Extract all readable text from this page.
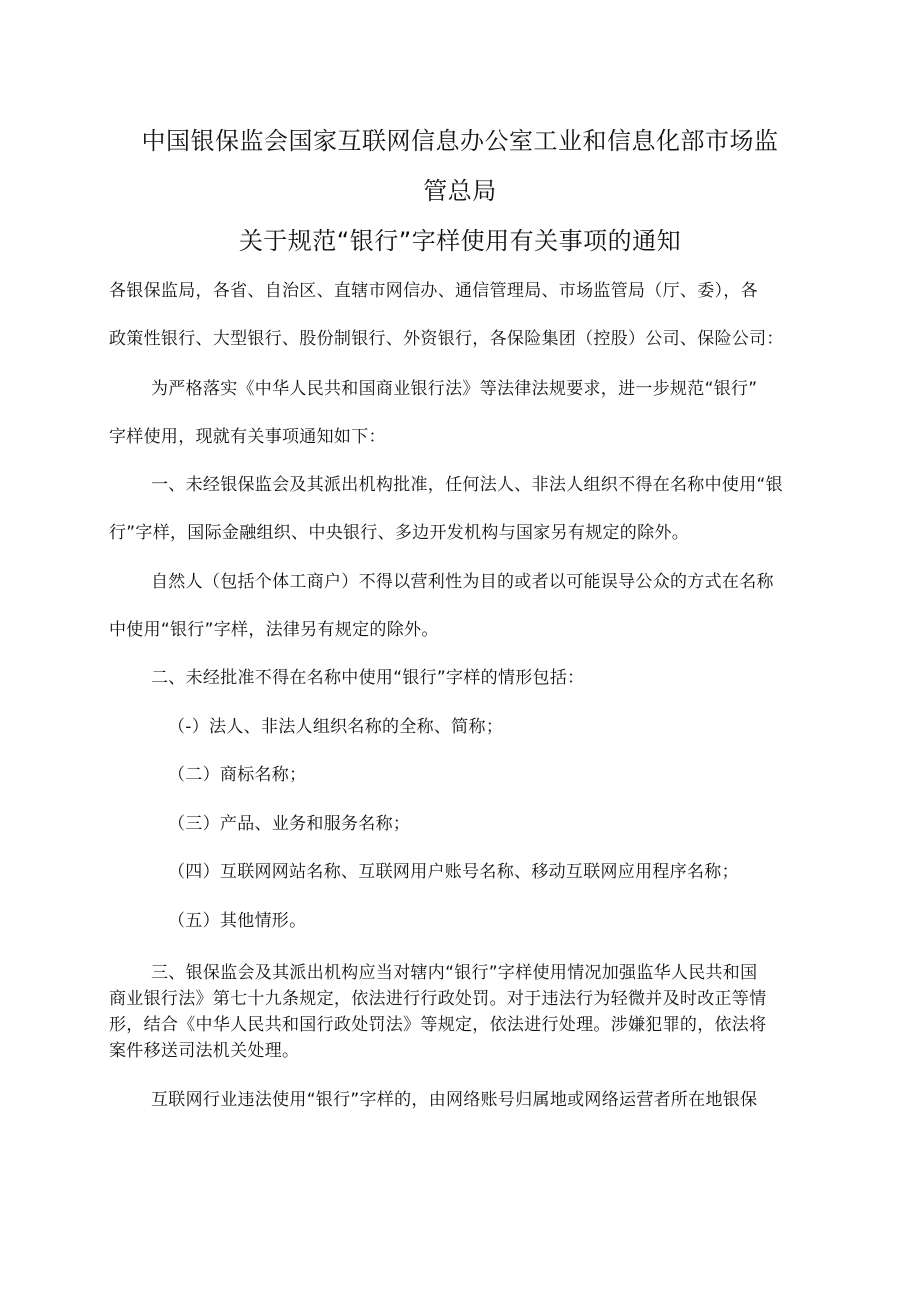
中国银保监会国家互联网信息办公室工业和信息化部市场监
管总局
关于规范“银行”字样使用有关事项的通知
各银保监局，各省、自治区、直辖市网信办、通信管理局、市场监管局（厅、委），各
政策性银行、大型银行、股份制银行、外资银行，各保险集团（控股）公司、保险公司：
为严格落实《中华人民共和国商业银行法》等法律法规要求，进一步规范“银行”
字样使用，现就有关事项通知如下：
一、未经银保监会及其派出机构批准，任何法人、非法人组织不得在名称中使用“银
行”字样，国际金融组织、中央银行、多边开发机构与国家另有规定的除外。
自然人（包括个体工商户）不得以营利性为目的或者以可能误导公众的方式在名称
中使用“银行”字样，法律另有规定的除外。
二、未经批准不得在名称中使用“银行”字样的情形包括：
（-）法人、非法人组织名称的全称、简称；
（二）商标名称；
（三）产品、业务和服务名称；
（四）互联网网站名称、互联网用户账号名称、移动互联网应用程序名称；
（五）其他情形。
三、银保监会及其派出机构应当对辖内“银行”字样使用情况加强监华人民共和国
商业银行法》第七十九条规定，依法进行行政处罚。对于违法行为轻微并及时改正等情
形，结合《中华人民共和国行政处罚法》等规定，依法进行处理。涉嫌犯罪的，依法将
案件移送司法机关处理。
互联网行业违法使用“银行”字样的，由网络账号归属地或网络运营者所在地银保
